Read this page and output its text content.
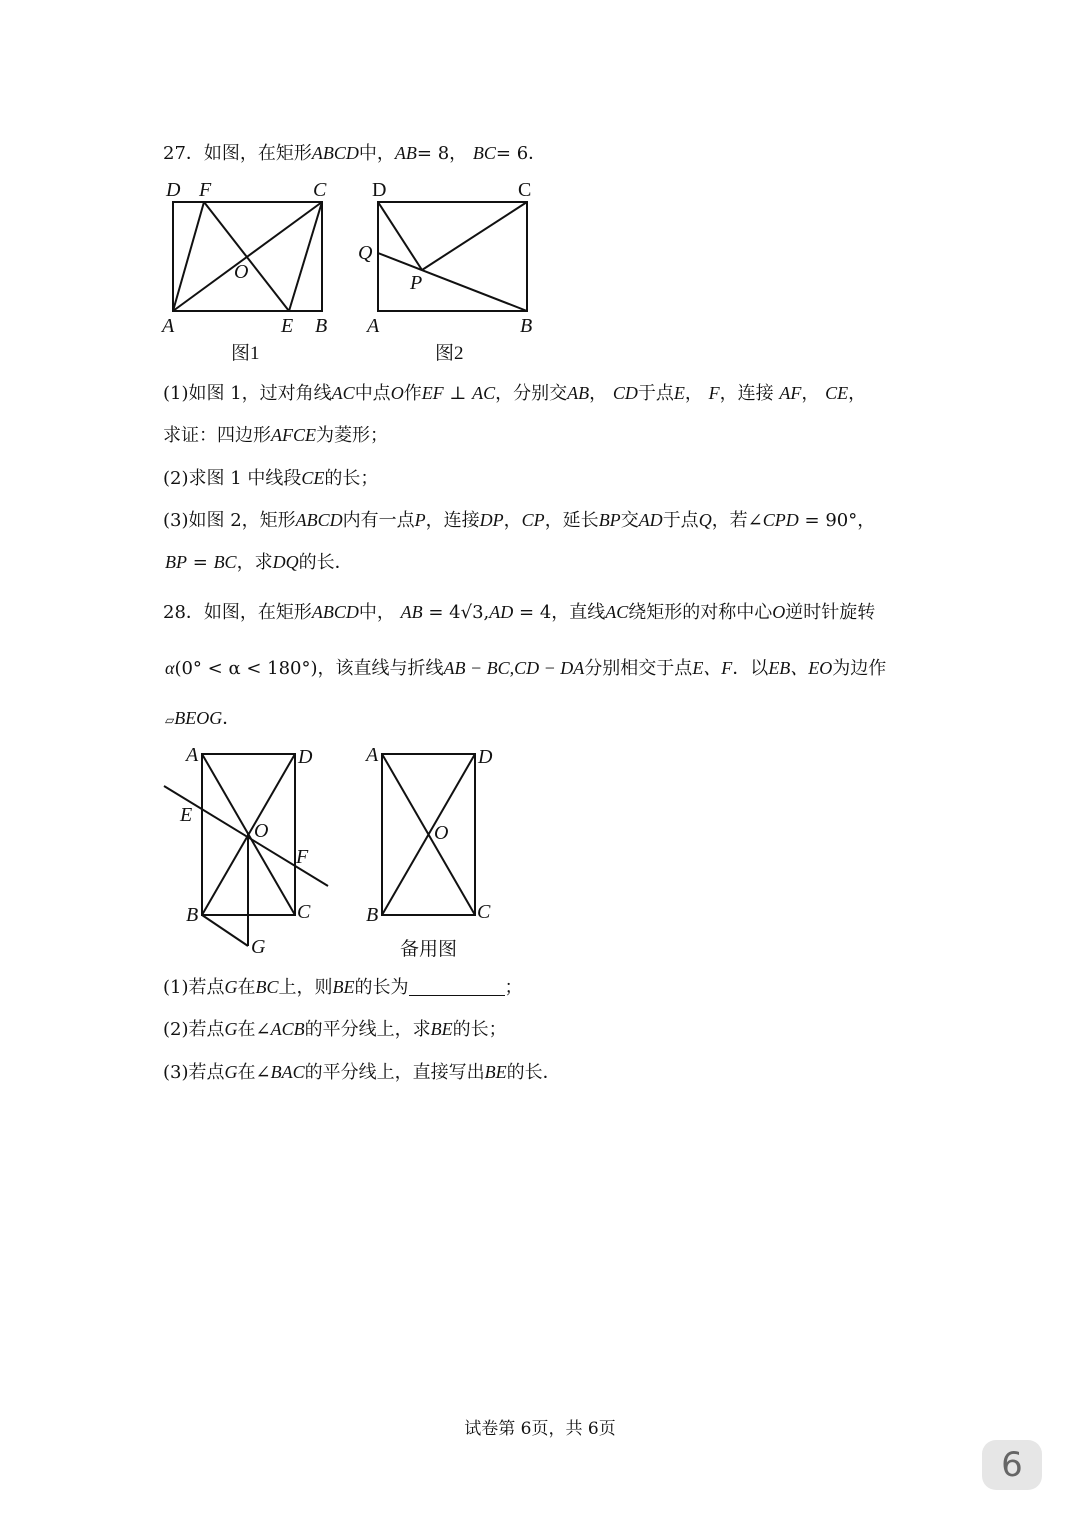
27．如图，在矩形ABCD中，AB= 8， BC= 6．
D F	C
O
A	E B
图1
D	C
Q
P
A	B
图2
(1)如图 1，过对角线AC中点O作EF ⊥ AC，分别交AB， CD于点E， F，连接 AF， CE，
求证：四边形AFCE为菱形；
(2)求图 1 中线段CE的长；
(3)如图 2，矩形ABCD内有一点P，连接DP，CP，延长BP交AD于点Q，若∠CPD = 90°，
BP = BC，求DQ的长．
28．如图，在矩形ABCD中， AB = 4√3,AD = 4，直线AC绕矩形的对称中心O逆时针旋转
α(0° < α < 180°)，该直线与折线AB − BC,CD − DA分别相交于点E、F．以EB、EO为边作
▱BEOG．
A	D
E
O
F
B	C
G
A	D
O
B	C
备用图
(1)若点G在BC上，则BE的长为	；
(2)若点G在∠ACB的平分线上，求BE的长；
(3)若点G在∠BAC的平分线上，直接写出BE的长．
试卷第 6页，共 6页
6
